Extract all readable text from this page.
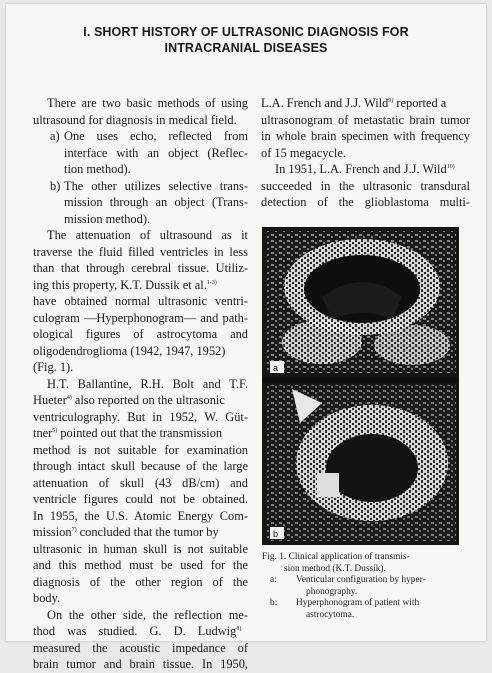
I. SHORT HISTORY OF ULTRASONIC DIAGNOSIS FOR
INTRACRANIAL DISEASES
There are two basic methods of using
ultrasound for diagnosis in medical field.
a) One uses echo, reflected from
interface with an object (Reflec-
tion method).
b) The other utilizes selective trans-
mission through an object (Trans-
mission method).
The attenuation of ultrasound as it
traverse the fluid filled ventricles in less
than that through cerebral tissue. Utiliz-
ing this property, K.T. Dussik et al.$^{1-3)}$
have obtained normal ultrasonic ventri-
culogram —Hyperphonogram— and path-
ological figures of astrocytoma and
oligodendroglioma (1942, 1947, 1952)
(Fig. 1).
H.T. Ballantine, R.H. Bolt and T.F.
Hueter$^{4)}$ also reported on the ultrasonic
ventriculography. But in 1952, W. Güt-
tner$^{5)}$ pointed out that the transmission
method is not suitable for examination
through intact skull because of the large
attenuation of skull (43 dB/cm) and
ventricle figures could not be obtained.
In 1955, the U.S. Atomic Energy Com-
mission$^{7)}$ concluded that the tumor by
ultrasonic in human skull is not suitable
and this method must be used for the
diagnosis of the other region of the
body.
On the other side, the reflection me-
thod was studied. G. D. Ludwig$^{8)}$
measured the acoustic impedance of
brain tumor and brain tissue. In 1950,
L.A. French and J.J. Wild$^{9)}$ reported a
ultrasonogram of metastatic brain tumor
in whole brain specimen with frequency
of 15 megacycle.
In 1951, L.A. French and J.J. Wild$^{10)}$
succeeded in the ultrasonic transdural
detection of the glioblastoma multi-
a
b
Fig. 1. Clinical application of transmis-
sion method (K.T. Dussik).
a:	Venticular configuration by hyper-
phonography.
b:	Hyperphonogram of patient with
astrocytoma.
